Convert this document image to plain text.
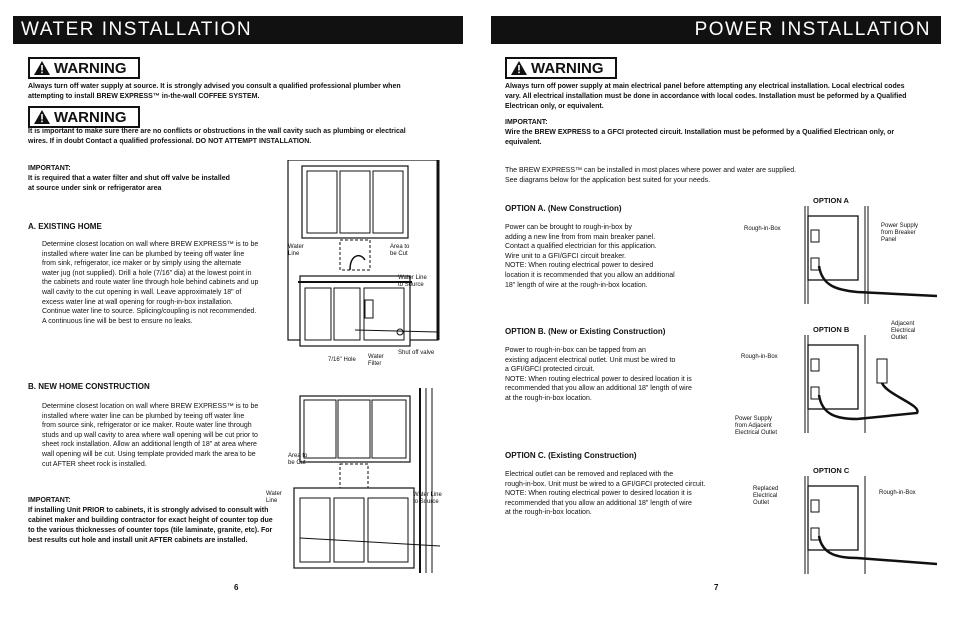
WATER INSTALLATION
WARNING
Always turn off water supply at source. It is strongly advised you consult a qualified professional plumber when attempting to install BREW EXPRESS™ in-the-wall COFFEE SYSTEM.
WARNING
It is important to make sure there are no conflicts or obstructions in the wall cavity such as plumbing or electrical wires. If in doubt Contact a qualified professional. DO NOT ATTEMPT INSTALLATION.
IMPORTANT:
It is required that a water filter and shut off valve be installed at source under sink or refrigerator area
A. EXISTING HOME
Determine closest location on wall where BREW EXPRESS™ is to be installed where water line can be plumbed by teeing off water line from sink, refrigerator, ice maker or by simply using the alternate water jug (not supplied). Drill a hole (7/16" dia) at the lowest point in the cabinets and route water line through hole behind cabinets and up wall cavity to the cut opening in wall. Leave approximately 18" of excess water line at wall opening for rough-in-box installation. Continue water line to source. Splicing/coupling is not recommended. A continuous line will be best to ensure no leaks.
B. NEW HOME CONSTRUCTION
Determine closest location on wall where BREW EXPRESS™ is to be installed where water line can be plumbed by teeing off water line from source sink, refrigerator or ice maker. Route water line through studs and up wall cavity to area where wall opening will be cut prior to sheet rock installation. Allow an additional length of 18" at area where wall opening will be cut. Using template provided mark the area to be cut AFTER sheet rock is installed.
IMPORTANT:
If installing Unit PRIOR to cabinets, it is strongly advised to consult with cabinet maker and building contractor for exact height of counter top due to the various thicknesses of counter tops (tile laminate, granite, etc). For best results cut hole and install unit AFTER cabinets are installed.
Water
Line
Area to
be Cut
Water Line
to Source
7/16" Hole Water
Filter
Shut off valve
Area to
be Cut
Water
Line
Water Line
to Source
6
POWER INSTALLATION
WARNING
Always turn off power supply at main electrical panel before attempting any electrical installation. Local electrical codes vary. All electrical installation must be done in accordance with local codes. Installation must be peformed by a Qualified Electrican only, or equivalent.
IMPORTANT:
Wire the BREW EXPRESS to a GFCI protected circuit. Installation must be peformed by a Qualified Electrican only, or equivalent.
The BREW EXPRESS™ can be installed in most places where power and water are supplied.
See diagrams below for the application best suited for your needs.
OPTION A. (New Construction)
Power can be brought to rough-in-box by
adding a new line from from main breaker panel.
Contact a qualified electrician for this application.
Wire unit to a GFI/GFCI circuit breaker.
NOTE: When routing electrical power to desired
location it is recommended that you allow an additional
18" length of wire at the rough-in-box location.
OPTION B. (New or Existing Construction)
Power to rough-in-box can be tapped from an
existing adjacent electrical outlet. Unit must be wired to
a GFI/GFCI protected circuit.
NOTE: When routing electrical power to desired location it is
recommended that you allow an additional 18" length of wire
at the rough-in-box location.
OPTION C. (Existing Construction)
Electrical outlet can be removed and replaced with the
rough-in-box. Unit must be wired to a GFI/GFCI protected circuit.
NOTE: When routing electrical power to desired location it is
recommended that you allow an additional 18" length of wire
at the rough-in-box location.
OPTION A
Rough-in-Box	Power Supply
from Breaker
Panel
OPTION B
Rough-in-Box
Adjacent
Electrical
Outlet
Power Supply
from Adjacent
Electrical Outlet
OPTION C
Replaced
Electrical
Outlet
Rough-in-Box
7
